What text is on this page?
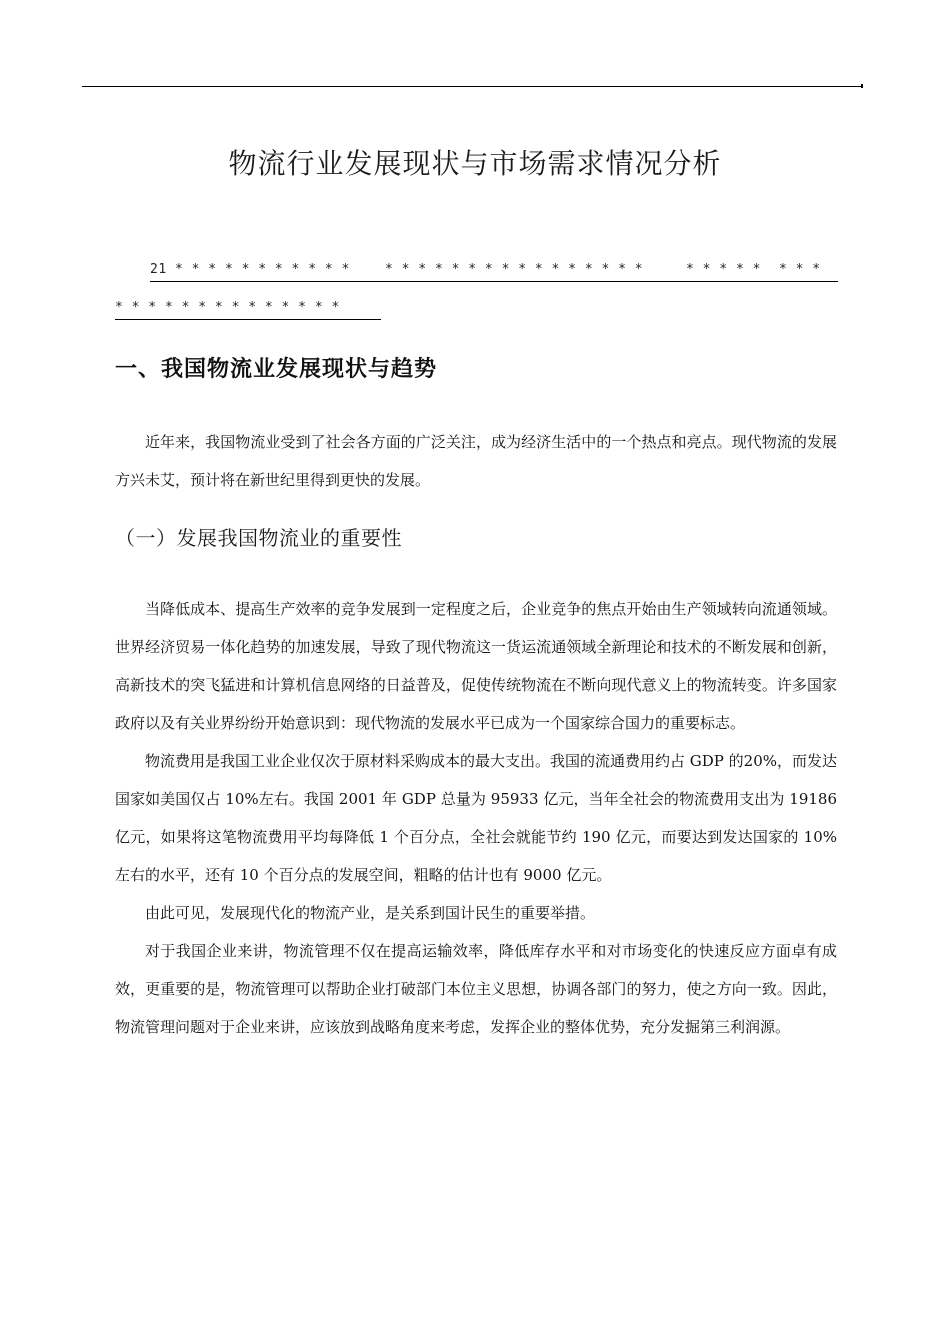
物流行业发展现状与市场需求情况分析
21 * * * * * * * * * * *	* * * * * * * * * * * * * * * *	* * * * * * * *
* * * * * * * * * * * * * *
一、我国物流业发展现状与趋势

近年来，我国物流业受到了社会各方面的广泛关注，成为经济生活中的一个热点和亮点。现代物流的发展方兴未艾，预计将在新世纪里得到更快的发展。

（一）发展我国物流业的重要性

当降低成本、提高生产效率的竞争发展到一定程度之后，企业竞争的焦点开始由生产领域转向流通领域。世界经济贸易一体化趋势的加速发展，导致了现代物流这一货运流通领域全新理论和技术的不断发展和创新，高新技术的突飞猛进和计算机信息网络的日益普及，促使传统物流在不断向现代意义上的物流转变。许多国家政府以及有关业界纷纷开始意识到：现代物流的发展水平已成为一个国家综合国力的重要标志。

物流费用是我国工业企业仅次于原材料采购成本的最大支出。我国的流通费用约占 GDP 的20%，而发达国家如美国仅占 10%左右。我国 2001 年 GDP 总量为 95933 亿元，当年全社会的物流费用支出为 19186 亿元，如果将这笔物流费用平均每降低 1 个百分点，全社会就能节约 190 亿元，而要达到发达国家的 10%左右的水平，还有 10 个百分点的发展空间，粗略的估计也有 9000 亿元。

由此可见，发展现代化的物流产业，是关系到国计民生的重要举措。

对于我国企业来讲，物流管理不仅在提高运输效率，降低库存水平和对市场变化的快速反应方面卓有成效，更重要的是，物流管理可以帮助企业打破部门本位主义思想，协调各部门的努力，使之方向一致。因此，物流管理问题对于企业来讲，应该放到战略角度来考虑，发挥企业的整体优势，充分发掘第三利润源。
